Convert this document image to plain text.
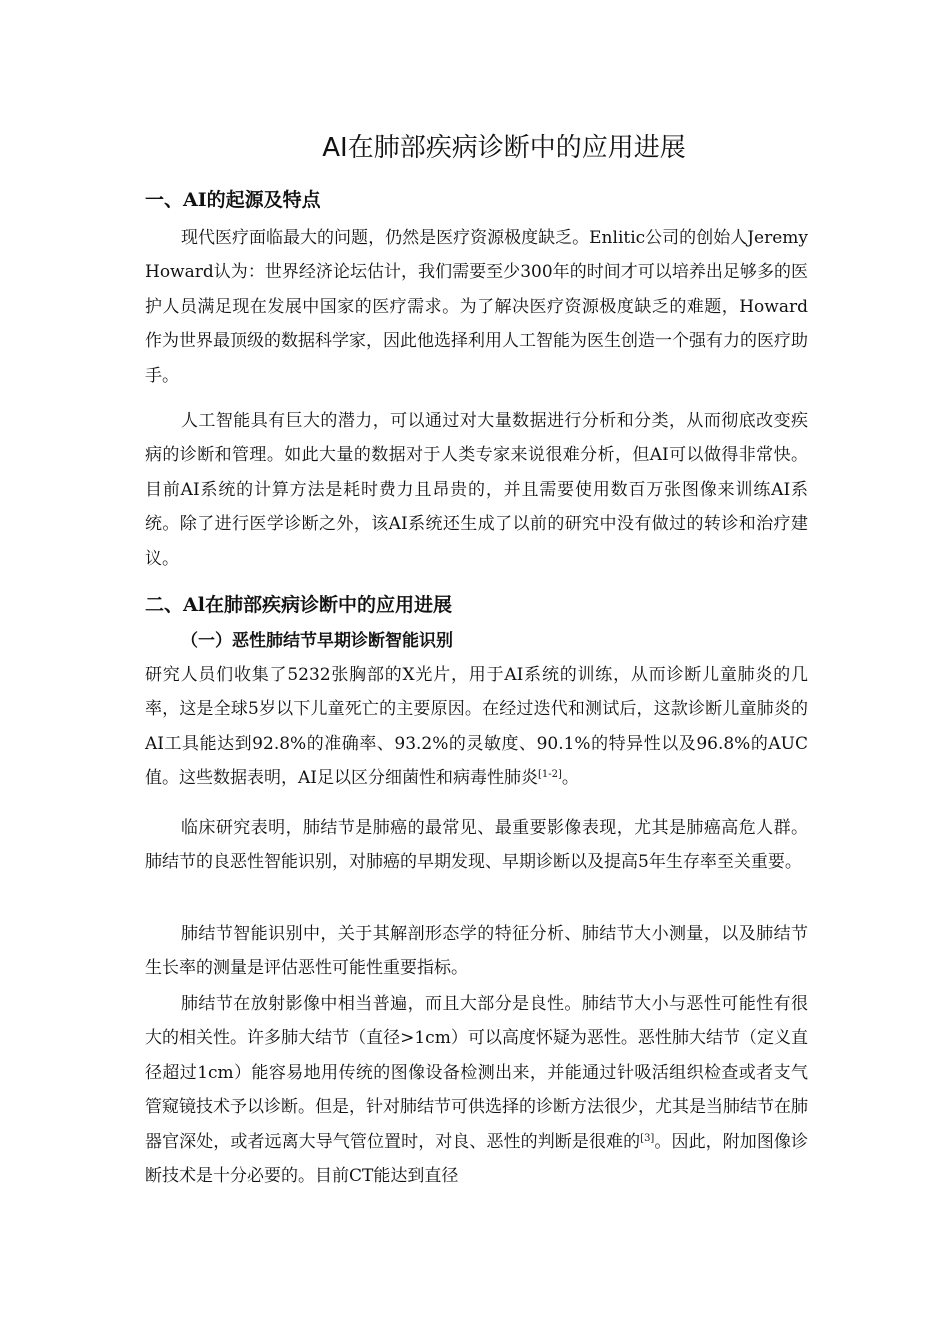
AI在肺部疾病诊断中的应用进展
一、AI的起源及特点

现代医疗面临最大的问题，仍然是医疗资源极度缺乏。Enlitic公司的创始人JeremyHoward认为：世界经济论坛估计，我们需要至少300年的时间才可以培养出足够多的医护人员满足现在发展中国家的医疗需求。为了解决医疗资源极度缺乏的难题，Howard作为世界最顶级的数据科学家，因此他选择利用人工智能为医生创造一个强有力的医疗助手。

人工智能具有巨大的潜力，可以通过对大量数据进行分析和分类，从而彻底改变疾病的诊断和管理。如此大量的数据对于人类专家来说很难分析，但AI可以做得非常快。目前AI系统的计算方法是耗时费力且昂贵的，并且需要使用数百万张图像来训练AI系统。除了进行医学诊断之外，该AI系统还生成了以前的研究中没有做过的转诊和治疗建议。

二、Al在肺部疾病诊断中的应用进展
（一）恶性肺结节早期诊断智能识别

研究人员们收集了5232张胸部的X光片，用于AI系统的训练，从而诊断儿童肺炎的几率，这是全球5岁以下儿童死亡的主要原因。在经过迭代和测试后，这款诊断儿童肺炎的AI工具能达到92.8%的准确率、93.2%的灵敏度、90.1%的特异性以及96.8%的AUC值。这些数据表明，AI足以区分细菌性和病毒性肺炎[1-2]。

临床研究表明，肺结节是肺癌的最常见、最重要影像表现，尤其是肺癌高危人群。肺结节的良恶性智能识别，对肺癌的早期发现、早期诊断以及提高5年生存率至关重要。

肺结节智能识别中，关于其解剖形态学的特征分析、肺结节大小测量，以及肺结节生长率的测量是评估恶性可能性重要指标。

肺结节在放射影像中相当普遍，而且大部分是良性。肺结节大小与恶性可能性有很大的相关性。许多肺大结节（直径>1cm）可以高度怀疑为恶性。恶性肺大结节（定义直径超过1cm）能容易地用传统的图像设备检测出来，并能通过针吸活组织检查或者支气管窥镜技术予以诊断。但是，针对肺结节可供选择的诊断方法很少，尤其是当肺结节在肺器官深处，或者远离大导气管位置时，对良、恶性的判断是很难的[3]。因此，附加图像诊断技术是十分必要的。目前CT能达到直径
